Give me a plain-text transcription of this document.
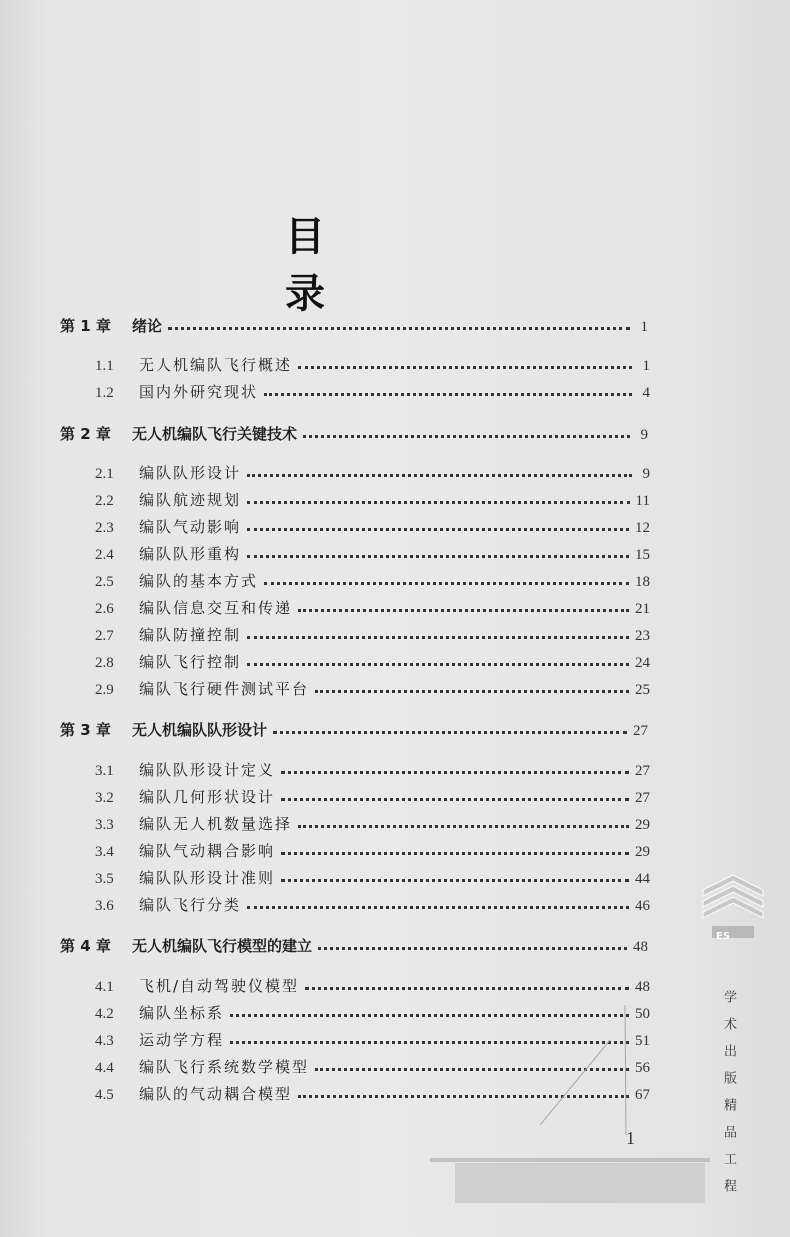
目 录
第 1 章	绪论	1
1.1	无人机编队飞行概述	1
1.2	国内外研究现状	4
第 2 章	无人机编队飞行关键技术	9
2.1	编队队形设计	9
2.2	编队航迹规划	11
2.3	编队气动影响	12
2.4	编队队形重构	15
2.5	编队的基本方式	18
2.6	编队信息交互和传递	21
2.7	编队防撞控制	23
2.8	编队飞行控制	24
2.9	编队飞行硬件测试平台	25
第 3 章	无人机编队队形设计	27
3.1	编队队形设计定义	27
3.2	编队几何形状设计	27
3.3	编队无人机数量选择	29
3.4	编队气动耦合影响	29
3.5	编队队形设计准则	44
3.6	编队飞行分类	46
第 4 章	无人机编队飞行模型的建立	48
4.1	飞机/自动驾驶仪模型	48
4.2	编队坐标系	50
4.3	运动学方程	51
4.4	编队飞行系统数学模型	56
4.5	编队的气动耦合模型	67
1
ES
学术出版精品工程
